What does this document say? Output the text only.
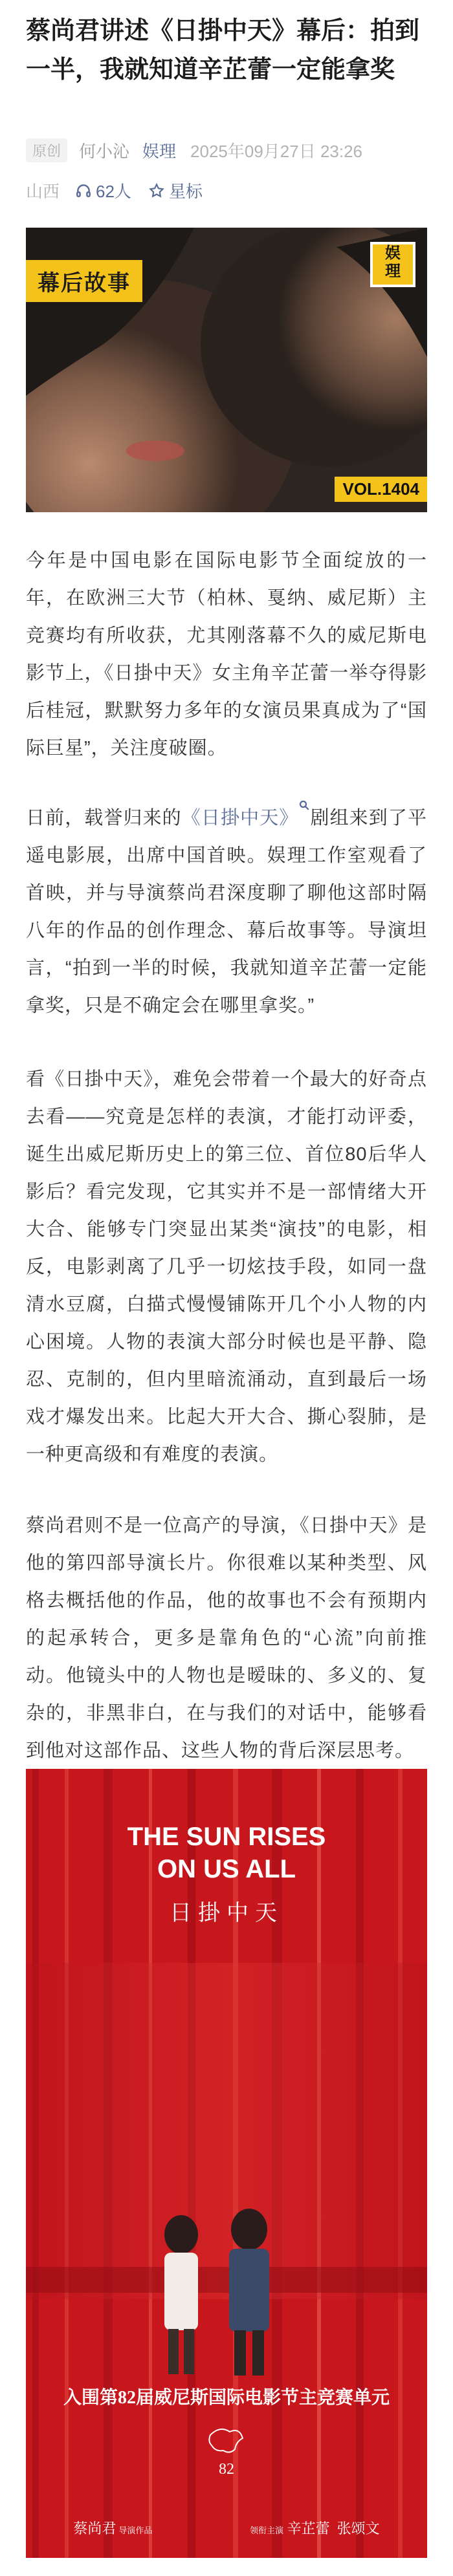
蔡尚君讲述《日掛中天》幕后：拍到一半，我就知道辛芷蕾一定能拿奖
原创	何小沁 娱理 2025年09月27日 23:26
山西 62人 星标
幕后故事
娱
理
VOL.1404

今年是中国电影在国际电影节全面绽放的一年，在欧洲三大节（柏林、戛纳、威尼斯）主竞赛均有所收获，尤其刚落幕不久的威尼斯电影节上，《日掛中天》女主角辛芷蕾一举夺得影后桂冠，默默努力多年的女演员果真成为了“国际巨星”，关注度破圈。

日前，载誉归来的《日掛中天》 剧组来到了平遥电影展，出席中国首映。娱理工作室观看了首映，并与导演蔡尚君深度聊了聊他这部时隔八年的作品的创作理念、幕后故事等。导演坦言，“拍到一半的时候，我就知道辛芷蕾一定能拿奖，只是不确定会在哪里拿奖。”

看《日掛中天》，难免会带着一个最大的好奇点去看——究竟是怎样的表演，才能打动评委，诞生出威尼斯历史上的第三位、首位80后华人影后？看完发现，它其实并不是一部情绪大开大合、能够专门突显出某类“演技”的电影，相反，电影剥离了几乎一切炫技手段，如同一盘清水豆腐，白描式慢慢铺陈开几个小人物的内心困境。人物的表演大部分时候也是平静、隐忍、克制的，但内里暗流涌动，直到最后一场戏才爆发出来。比起大开大合、撕心裂肺，是一种更高级和有难度的表演。

蔡尚君则不是一位高产的导演，《日掛中天》是他的第四部导演长片。你很难以某种类型、风格去概括他的作品，他的故事也不会有预期内的起承转合，更多是靠角色的“心流”向前推动。他镜头中的人物也是暧昧的、多义的、复杂的，非黑非白，在与我们的对话中，能够看到他对这部作品、这些人物的背后深层思考。

THE SUN RISES
ON US ALL
日掛中天
入围第82届威尼斯国际电影节主竞赛单元
82
蔡尚君 导演作品	领衔主演 辛芷蕾 张颂文
